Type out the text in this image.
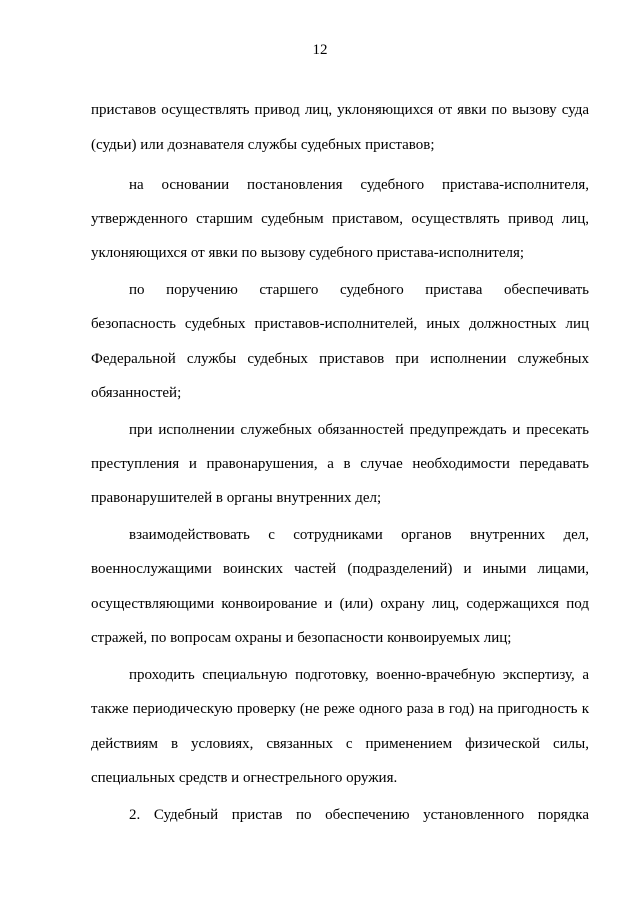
12
приставов осуществлять привод лиц, уклоняющихся от явки по вызову суда
(судьи) или дознавателя службы судебных приставов;
на основании постановления судебного пристава-исполнителя,
утвержденного старшим судебным приставом, осуществлять привод лиц,
уклоняющихся от явки по вызову судебного пристава-исполнителя;
по поручению старшего судебного пристава обеспечивать
безопасность судебных приставов-исполнителей, иных должностных лиц
Федеральной службы судебных приставов при исполнении служебных
обязанностей;
при исполнении служебных обязанностей предупреждать и пресекать
преступления и правонарушения, а в случае необходимости передавать
правонарушителей в органы внутренних дел;
взаимодействовать с сотрудниками органов внутренних дел,
военнослужащими воинских частей (подразделений) и иными лицами,
осуществляющими конвоирование и (или) охрану лиц, содержащихся под
стражей, по вопросам охраны и безопасности конвоируемых лиц;
проходить специальную подготовку, военно-врачебную экспертизу, а
также периодическую проверку (не реже одного раза в год) на пригодность к
действиям в условиях, связанных с применением физической силы,
специальных средств и огнестрельного оружия.
2. Судебный пристав по обеспечению установленного порядка
